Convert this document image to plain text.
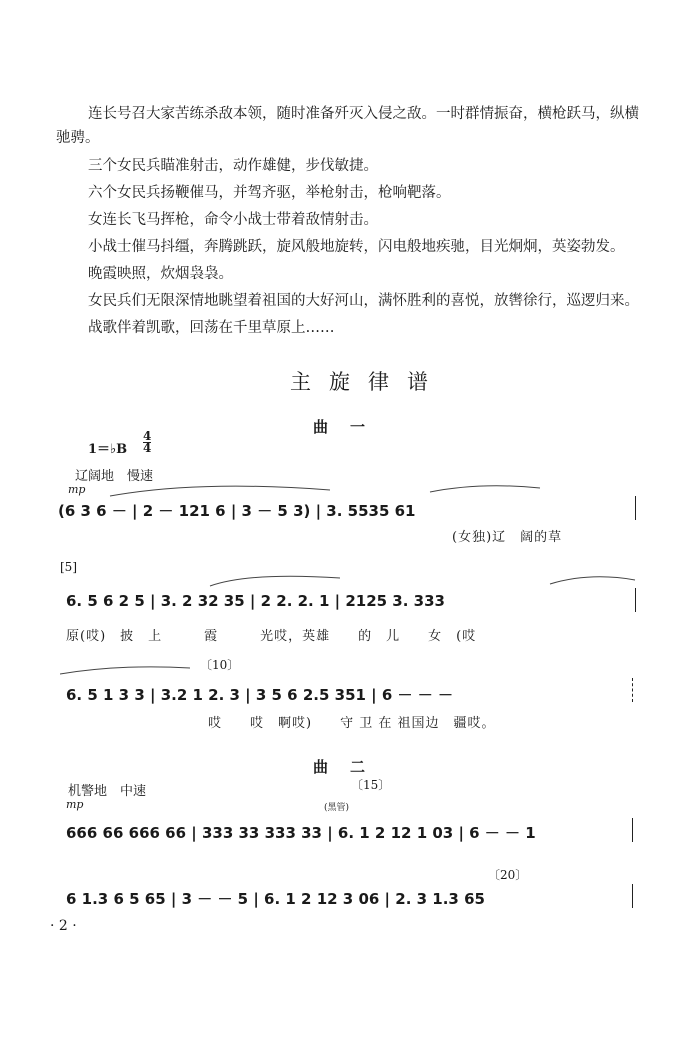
连长号召大家苦练杀敌本领，随时准备歼灭入侵之敌。一时群情振奋，横枪跃马，纵横

驰骋。

三个女民兵瞄准射击，动作雄健，步伐敏捷。

六个女民兵扬鞭催马，并驾齐驱，举枪射击，枪响靶落。

女连长飞马挥枪，命令小战士带着敌情射击。

小战士催马抖缰，奔腾跳跃，旋风般地旋转，闪电般地疾驰，目光炯炯，英姿勃发。

晚霞映照，炊烟袅袅。

女民兵们无限深情地眺望着祖国的大好河山，满怀胜利的喜悦，放辔徐行，巡逻归来。

战歌伴着凯歌，回荡在千里草原上……

主旋律谱
曲一
1＝♭B
4
4
辽阔地　慢速
mp
(6 3 6 － | 2 － 121 6 | 3 － 5 3) | 3. 5535 61
(女独)辽　阔的草
[5]
6. 5 6 2 5 | 3. 2 32 35 | 2 2. 2. 1 | 2125 3. 333
原(哎)　披　上　　　霞　　　光哎，英雄　　的　儿　　女　(哎
〔10〕
6. 5 1 3 3 | 3.2 1 2. 3 | 3 5 6 2.5 351 | 6 － － －
哎　　哎　啊哎)　　守 卫 在 祖国边　疆哎。
曲二
机警地　中速	〔15〕
mp	(黑管)
666 66 666 66 | 333 33 333 33 | 6. 1 2 12 1 03 | 6 － － 1
〔20〕
6 1.3 6 5 65 | 3 － － 5 | 6. 1 2 12 3 06 | 2. 3 1.3 65
· 2 ·
